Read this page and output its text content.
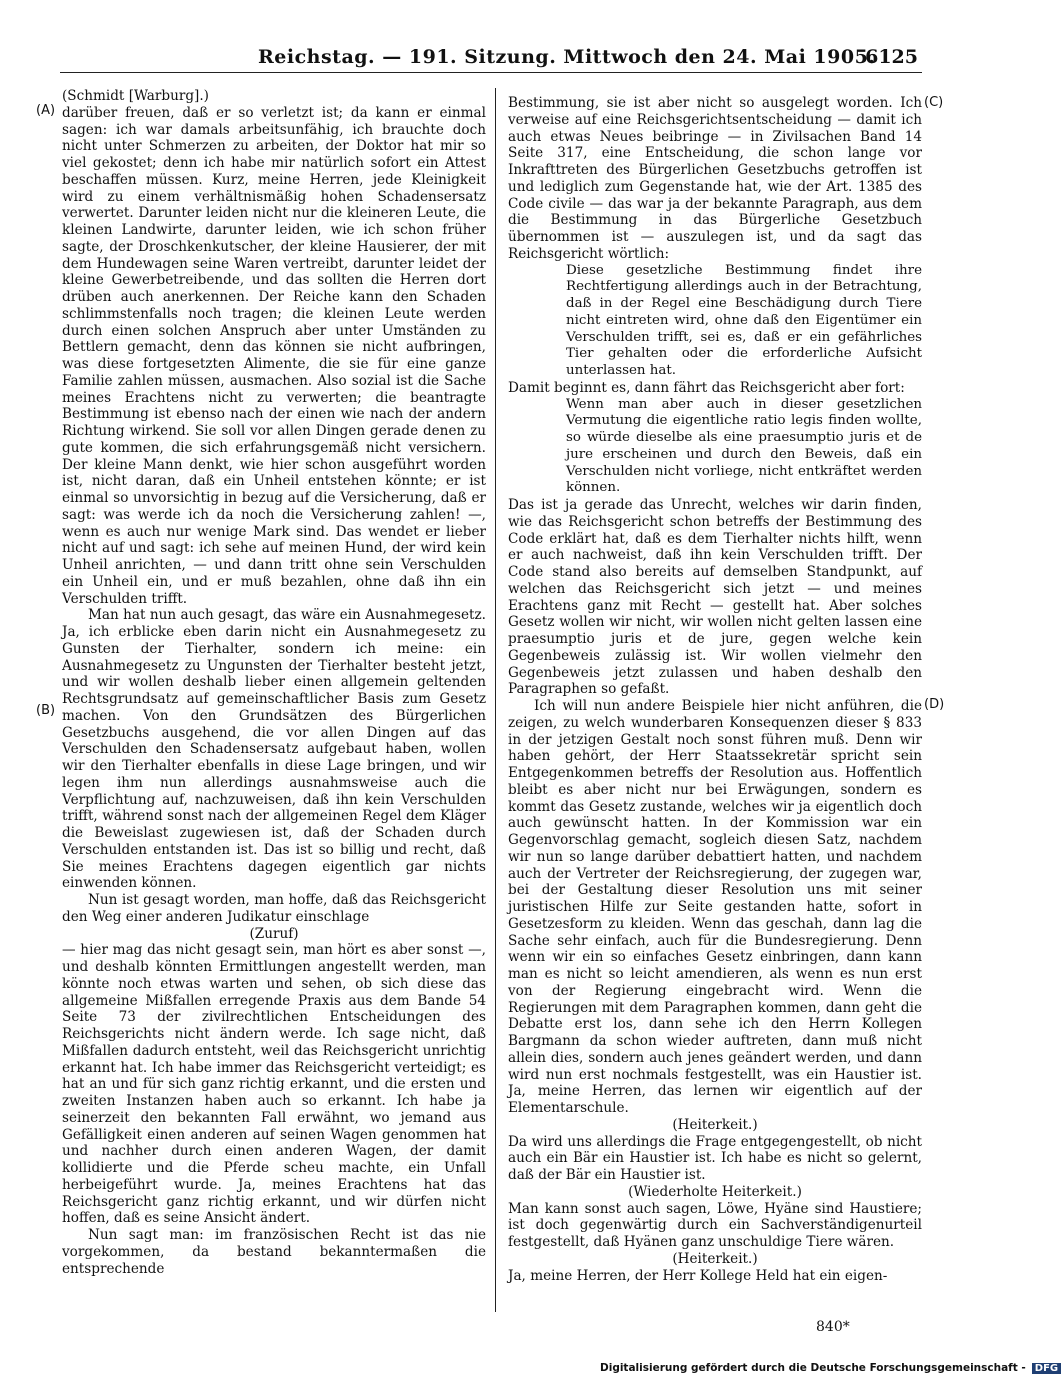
Reichstag. — 191. Sitzung. Mittwoch den 24. Mai 1905.
6125
(A)
(B)
(C)
(D)

(Schmidt [Warburg].)

darüber freuen, daß er so verletzt ist; da kann er einmal sagen: ich war damals arbeitsunfähig, ich brauchte doch nicht unter Schmerzen zu arbeiten, der Doktor hat mir so viel gekostet; denn ich habe mir natürlich sofort ein Attest beschaffen müssen. Kurz, meine Herren, jede Kleinigkeit wird zu einem verhältnismäßig hohen Schadensersatz verwertet. Darunter leiden nicht nur die kleineren Leute, die kleinen Landwirte, darunter leiden, wie ich schon früher sagte, der Droschkenkutscher, der kleine Hausierer, der mit dem Hundewagen seine Waren vertreibt, darunter leidet der kleine Gewerbetreibende, und das sollten die Herren dort drüben auch anerkennen. Der Reiche kann den Schaden schlimmstenfalls noch tragen; die kleinen Leute werden durch einen solchen Anspruch aber unter Umständen zu Bettlern gemacht, denn das können sie nicht aufbringen, was diese fortgesetzten Alimente, die sie für eine ganze Familie zahlen müssen, ausmachen. Also sozial ist die Sache meines Erachtens nicht zu verwerten; die beantragte Bestimmung ist ebenso nach der einen wie nach der andern Richtung wirkend. Sie soll vor allen Dingen gerade denen zu gute kommen, die sich erfahrungsgemäß nicht versichern. Der kleine Mann denkt, wie hier schon ausgeführt worden ist, nicht daran, daß ein Unheil entstehen könnte; er ist einmal so unvorsichtig in bezug auf die Versicherung, daß er sagt: was werde ich da noch die Versicherung zahlen! —, wenn es auch nur wenige Mark sind. Das wendet er lieber nicht auf und sagt: ich sehe auf meinen Hund, der wird kein Unheil anrichten, — und dann tritt ohne sein Verschulden ein Unheil ein, und er muß bezahlen, ohne daß ihn ein Verschulden trifft.

Man hat nun auch gesagt, das wäre ein Ausnahmegesetz. Ja, ich erblicke eben darin nicht ein Ausnahmegesetz zu Gunsten der Tierhalter, sondern ich meine: ein Ausnahmegesetz zu Ungunsten der Tierhalter besteht jetzt, und wir wollen deshalb lieber einen allgemein geltenden Rechtsgrundsatz auf gemeinschaftlicher Basis zum Gesetz machen. Von den Grundsätzen des Bürgerlichen Gesetzbuchs ausgehend, die vor allen Dingen auf das Verschulden den Schadensersatz aufgebaut haben, wollen wir den Tierhalter ebenfalls in diese Lage bringen, und wir legen ihm nun allerdings ausnahmsweise auch die Verpflichtung auf, nachzuweisen, daß ihn kein Verschulden trifft, während sonst nach der allgemeinen Regel dem Kläger die Beweislast zugewiesen ist, daß der Schaden durch Verschulden entstanden ist. Das ist so billig und recht, daß Sie meines Erachtens dagegen eigentlich gar nichts einwenden können.

Nun ist gesagt worden, man hoffe, daß das Reichsgericht den Weg einer anderen Judikatur einschlage

(Zuruf)

— hier mag das nicht gesagt sein, man hört es aber sonst —, und deshalb könnten Ermittlungen angestellt werden, man könnte noch etwas warten und sehen, ob sich diese das allgemeine Mißfallen erregende Praxis aus dem Bande 54 Seite 73 der zivilrechtlichen Entscheidungen des Reichsgerichts nicht ändern werde. Ich sage nicht, daß Mißfallen dadurch entsteht, weil das Reichsgericht unrichtig erkannt hat. Ich habe immer das Reichsgericht verteidigt; es hat an und für sich ganz richtig erkannt, und die ersten und zweiten Instanzen haben auch so erkannt. Ich habe ja seinerzeit den bekannten Fall erwähnt, wo jemand aus Gefälligkeit einen anderen auf seinen Wagen genommen hat und nachher durch einen anderen Wagen, der damit kollidierte und die Pferde scheu machte, ein Unfall herbeigeführt wurde. Ja, meines Erachtens hat das Reichsgericht ganz richtig erkannt, und wir dürfen nicht hoffen, daß es seine Ansicht ändert.

Nun sagt man: im französischen Recht ist das nie vorgekommen, da bestand bekanntermaßen die entsprechende

Bestimmung, sie ist aber nicht so ausgelegt worden. Ich verweise auf eine Reichsgerichtsentscheidung — damit ich auch etwas Neues beibringe — in Zivilsachen Band 14 Seite 317, eine Entscheidung, die schon lange vor Inkrafttreten des Bürgerlichen Gesetzbuchs getroffen ist und lediglich zum Gegenstande hat, wie der Art. 1385 des Code civile — das war ja der bekannte Paragraph, aus dem die Bestimmung in das Bürgerliche Gesetzbuch übernommen ist — auszulegen ist, und da sagt das Reichsgericht wörtlich:

Diese gesetzliche Bestimmung findet ihre Rechtfertigung allerdings auch in der Betrachtung, daß in der Regel eine Beschädigung durch Tiere nicht eintreten wird, ohne daß den Eigentümer ein Verschulden trifft, sei es, daß er ein gefährliches Tier gehalten oder die erforderliche Aufsicht unterlassen hat.

Damit beginnt es, dann fährt das Reichsgericht aber fort:

Wenn man aber auch in dieser gesetzlichen Vermutung die eigentliche ratio legis finden wollte, so würde dieselbe als eine praesumptio juris et de jure erscheinen und durch den Beweis, daß ein Verschulden nicht vorliege, nicht entkräftet werden können.

Das ist ja gerade das Unrecht, welches wir darin finden, wie das Reichsgericht schon betreffs der Bestimmung des Code erklärt hat, daß es dem Tierhalter nichts hilft, wenn er auch nachweist, daß ihn kein Verschulden trifft. Der Code stand also bereits auf demselben Standpunkt, auf welchen das Reichsgericht sich jetzt — und meines Erachtens ganz mit Recht — gestellt hat. Aber solches Gesetz wollen wir nicht, wir wollen nicht gelten lassen eine praesumptio juris et de jure, gegen welche kein Gegenbeweis zulässig ist. Wir wollen vielmehr den Gegenbeweis jetzt zulassen und haben deshalb den Paragraphen so gefaßt.

Ich will nun andere Beispiele hier nicht anführen, die zeigen, zu welch wunderbaren Konsequenzen dieser § 833 in der jetzigen Gestalt noch sonst führen muß. Denn wir haben gehört, der Herr Staatssekretär spricht sein Entgegenkommen betreffs der Resolution aus. Hoffentlich bleibt es aber nicht nur bei Erwägungen, sondern es kommt das Gesetz zustande, welches wir ja eigentlich doch auch gewünscht hatten. In der Kommission war ein Gegenvorschlag gemacht, sogleich diesen Satz, nachdem wir nun so lange darüber debattiert hatten, und nachdem auch der Vertreter der Reichsregierung, der zugegen war, bei der Gestaltung dieser Resolution uns mit seiner juristischen Hilfe zur Seite gestanden hatte, sofort in Gesetzesform zu kleiden. Wenn das geschah, dann lag die Sache sehr einfach, auch für die Bundesregierung. Denn wenn wir ein so einfaches Gesetz einbringen, dann kann man es nicht so leicht amendieren, als wenn es nun erst von der Regierung eingebracht wird. Wenn die Regierungen mit dem Paragraphen kommen, dann geht die Debatte erst los, dann sehe ich den Herrn Kollegen Bargmann da schon wieder auftreten, dann muß nicht allein dies, sondern auch jenes geändert werden, und dann wird nun erst nochmals festgestellt, was ein Haustier ist. Ja, meine Herren, das lernen wir eigentlich auf der Elementarschule.

(Heiterkeit.)

Da wird uns allerdings die Frage entgegengestellt, ob nicht auch ein Bär ein Haustier ist. Ich habe es nicht so gelernt, daß der Bär ein Haustier ist.

(Wiederholte Heiterkeit.)

Man kann sonst auch sagen, Löwe, Hyäne sind Haustiere; ist doch gegenwärtig durch ein Sachverständigenurteil festgestellt, daß Hyänen ganz unschuldige Tiere wären.

(Heiterkeit.)

Ja, meine Herren, der Herr Kollege Held hat ein eigen-

840*
Digitalisierung gefördert durch die Deutsche Forschungsgemeinschaft - DFG
